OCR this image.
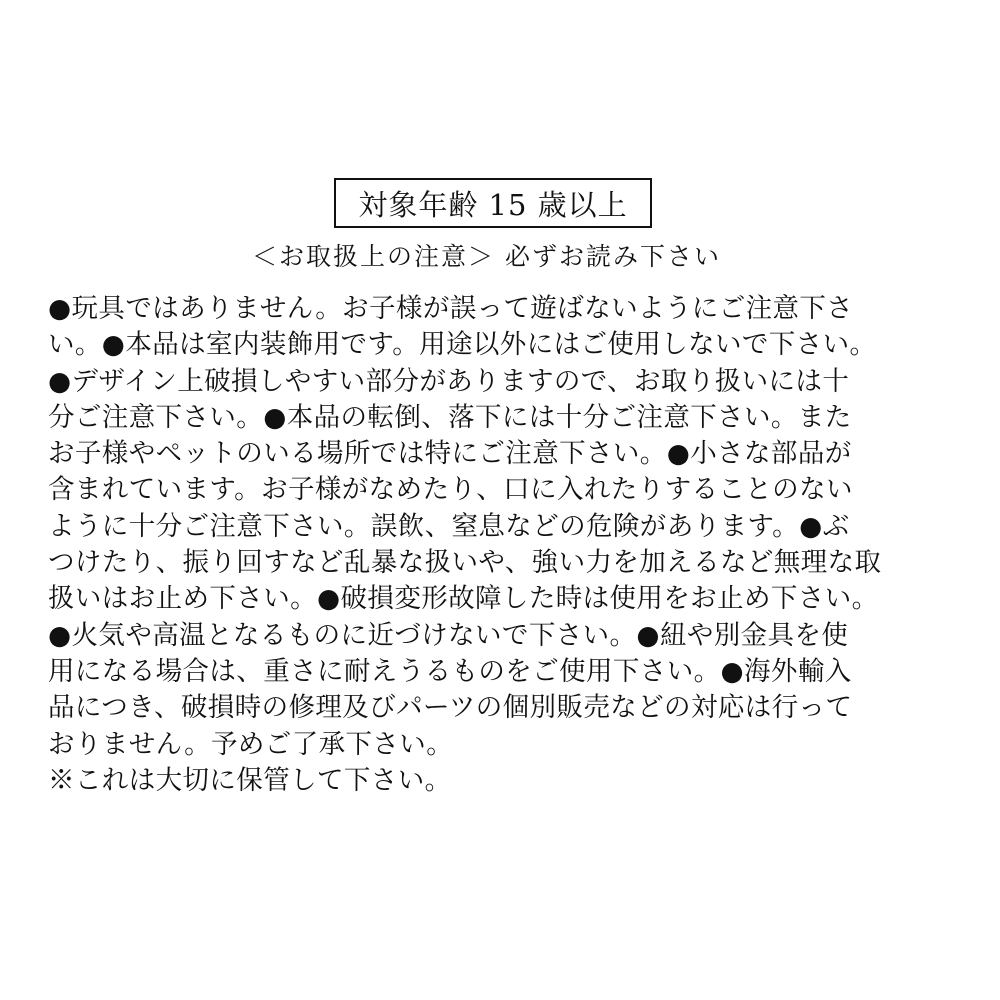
対象年齢 15 歳以上
＜お取扱上の注意＞ 必ずお読み下さい
●玩具ではありません。お子様が誤って遊ばないようにご注意下さ
い。●本品は室内装飾用です。用途以外にはご使用しないで下さい。
●デザイン上破損しやすい部分がありますので、お取り扱いには十
分ご注意下さい。●本品の転倒、落下には十分ご注意下さい。また
お子様やペットのいる場所では特にご注意下さい。●小さな部品が
含まれています。お子様がなめたり、口に入れたりすることのない
ように十分ご注意下さい。誤飲、窒息などの危険があります。●ぶ
つけたり、振り回すなど乱暴な扱いや、強い力を加えるなど無理な取
扱いはお止め下さい。●破損変形故障した時は使用をお止め下さい。
●火気や高温となるものに近づけないで下さい。●紐や別金具を使
用になる場合は、重さに耐えうるものをご使用下さい。●海外輸入
品につき、破損時の修理及びパーツの個別販売などの対応は行って
おりません。予めご了承下さい。
※これは大切に保管して下さい。
